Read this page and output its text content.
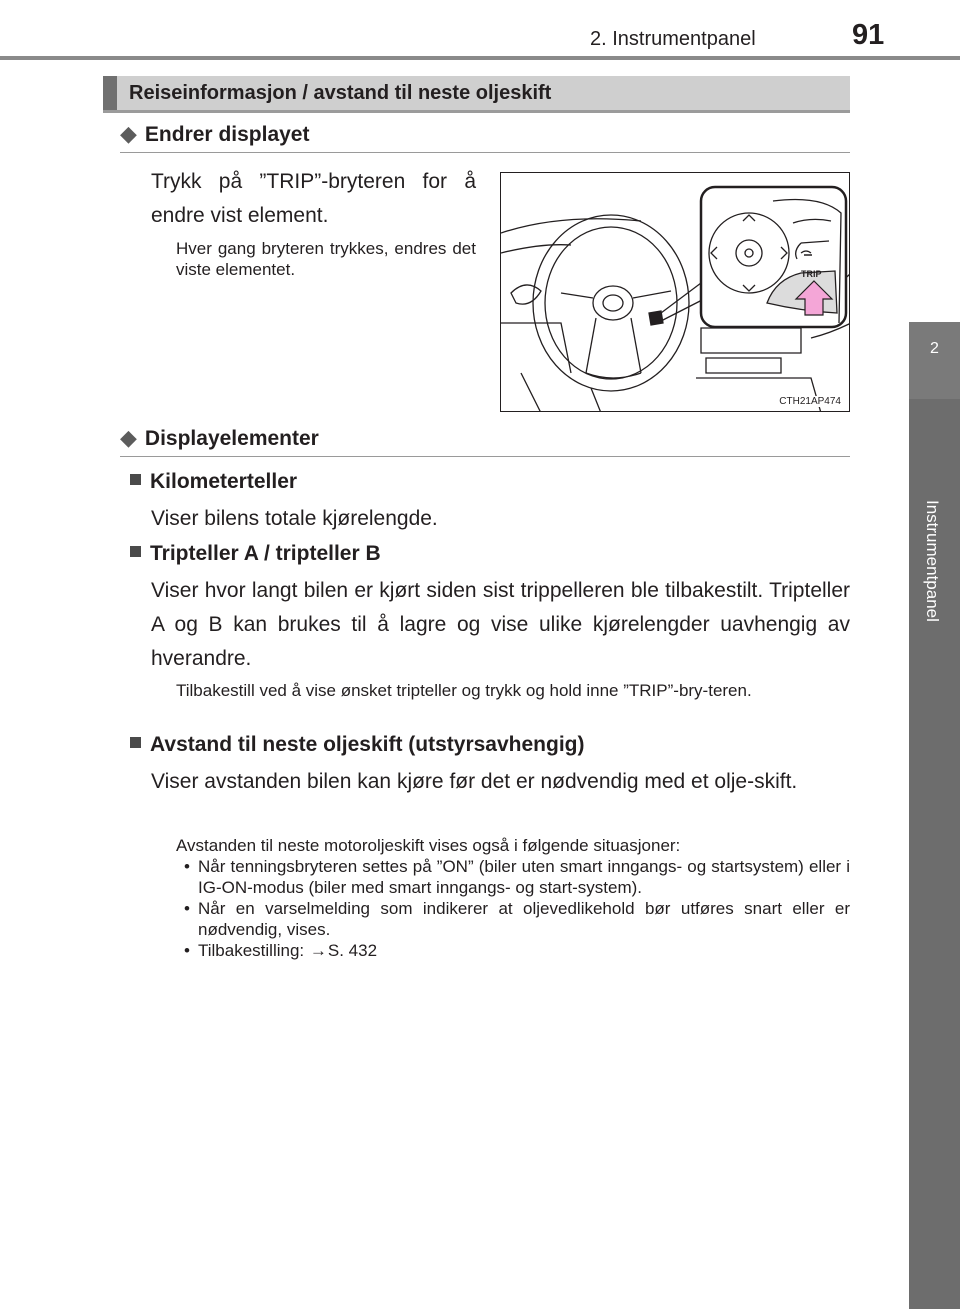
2. Instrumentpanel	91
2
Instrumentpanel
Reiseinformasjon / avstand til neste oljeskift
◆ Endrer displayet
Trykk på ”TRIP”-bryteren for å endre vist element.
Hver gang bryteren trykkes, endres det viste elementet.	TRIP
CTH21AP474
◆ Displayelementer
Kilometerteller
Viser bilens totale kjørelengde.
Tripteller A / tripteller B
Viser hvor langt bilen er kjørt siden sist trippelleren ble tilbakestilt. Tripteller A og B kan brukes til å lagre og vise ulike kjørelengder uavhengig av hverandre.
Tilbakestill ved å vise ønsket tripteller og trykk og hold inne ”TRIP”-bry-teren.
Avstand til neste oljeskift (utstyrsavhengig)
Viser avstanden bilen kan kjøre før det er nødvendig med et olje-skift.
Avstanden til neste motoroljeskift vises også i følgende situasjoner:
• Når tenningsbryteren settes på ”ON” (biler uten smart inngangs- og startsystem) eller i IG-ON-modus (biler med smart inngangs- og start-system).
• Når en varselmelding som indikerer at oljevedlikehold bør utføres snart eller er nødvendig, vises.
• Tilbakestilling: →S. 432
